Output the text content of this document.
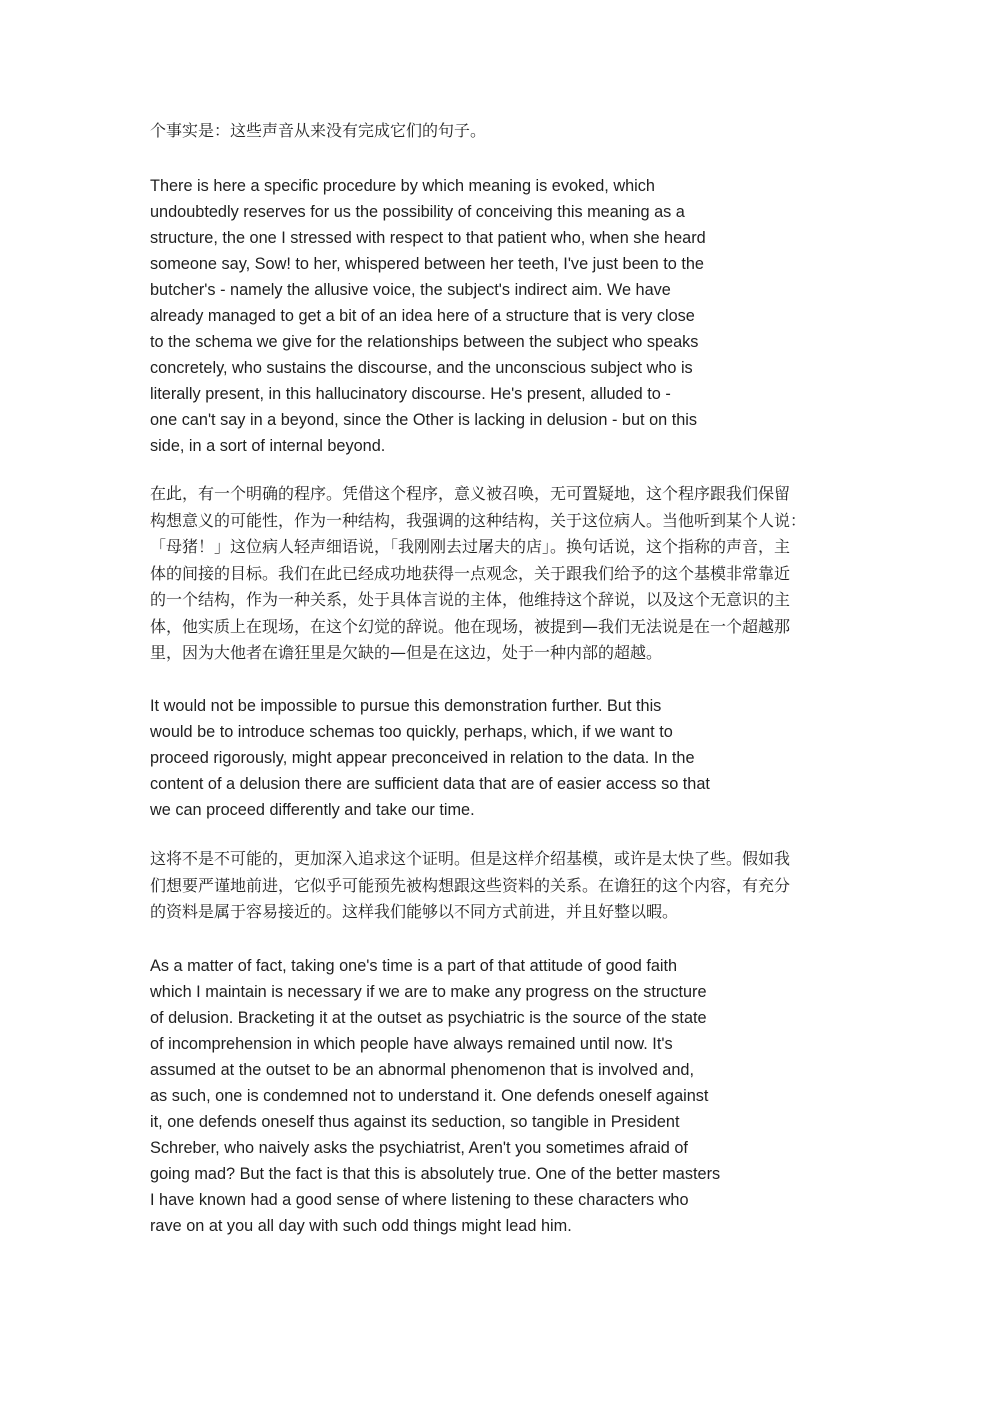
个事实是：这些声音从来没有完成它们的句子。
There is here a specific procedure by which meaning is evoked, which
undoubtedly reserves for us the possibility of conceiving this meaning as a
structure, the one I stressed with respect to that patient who, when she heard
someone say, Sow! to her, whispered between her teeth, I've just been to the
butcher's - namely the allusive voice, the subject's indirect aim. We have
already managed to get a bit of an idea here of a structure that is very close
to the schema we give for the relationships between the subject who speaks
concretely, who sustains the discourse, and the unconscious subject who is
literally present, in this hallucinatory discourse. He's present, alluded to -
one can't say in a beyond, since the Other is lacking in delusion - but on this
side, in a sort of internal beyond.
在此，有一个明确的程序。凭借这个程序，意义被召唤，无可置疑地，这个程序跟我们保留
构想意义的可能性，作为一种结构，我强调的这种结构，关于这位病人。当他听到某个人说：
「母猪！」这位病人轻声细语说，「我刚刚去过屠夫的店」。换句话说，这个指称的声音，主
体的间接的目标。我们在此已经成功地获得一点观念，关于跟我们给予的这个基模非常靠近
的一个结构，作为一种关系，处于具体言说的主体，他维持这个辞说，以及这个无意识的主
体，他实质上在现场，在这个幻觉的辞说。他在现场，被提到—我们无法说是在一个超越那
里，因为大他者在谵狂里是欠缺的—但是在这边，处于一种内部的超越。
It would not be impossible to pursue this demonstration further. But this
would be to introduce schemas too quickly, perhaps, which, if we want to
proceed rigorously, might appear preconceived in relation to the data. In the
content of a delusion there are sufficient data that are of easier access so that
we can proceed differently and take our time.
这将不是不可能的，更加深入追求这个证明。但是这样介绍基模，或许是太快了些。假如我
们想要严谨地前进，它似乎可能预先被构想跟这些资料的关系。在谵狂的这个内容，有充分
的资料是属于容易接近的。这样我们能够以不同方式前进，并且好整以暇。
As a matter of fact, taking one's time is a part of that attitude of good faith
which I maintain is necessary if we are to make any progress on the structure
of delusion. Bracketing it at the outset as psychiatric is the source of the state
of incomprehension in which people have always remained until now. It's
assumed at the outset to be an abnormal phenomenon that is involved and,
as such, one is condemned not to understand it. One defends oneself against
it, one defends oneself thus against its seduction, so tangible in President
Schreber, who naively asks the psychiatrist, Aren't you sometimes afraid of
going mad? But the fact is that this is absolutely true. One of the better masters
I have known had a good sense of where listening to these characters who
rave on at you all day with such odd things might lead him.
